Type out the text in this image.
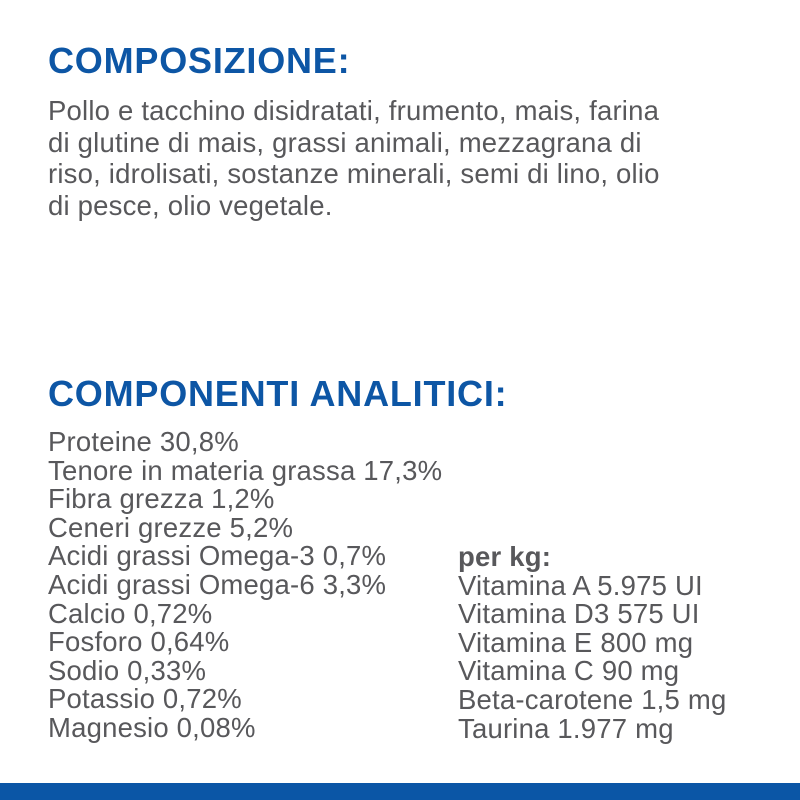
COMPOSIZIONE:
Pollo e tacchino disidratati, frumento, mais, farina
di glutine di mais, grassi animali, mezzagrana di
riso, idrolisati, sostanze minerali, semi di lino, olio
di pesce, olio vegetale.
COMPONENTI ANALITICI:
Proteine 30,8%
Tenore in materia grassa 17,3%
Fibra grezza 1,2%
Ceneri grezze 5,2%
Acidi grassi Omega-3 0,7%
Acidi grassi Omega-6 3,3%
Calcio 0,72%
Fosforo 0,64%
Sodio 0,33%
Potassio 0,72%
Magnesio 0,08%
per kg:
Vitamina A 5.975 UI
Vitamina D3 575 UI
Vitamina E 800 mg
Vitamina C 90 mg
Beta-carotene 1,5 mg
Taurina 1.977 mg
